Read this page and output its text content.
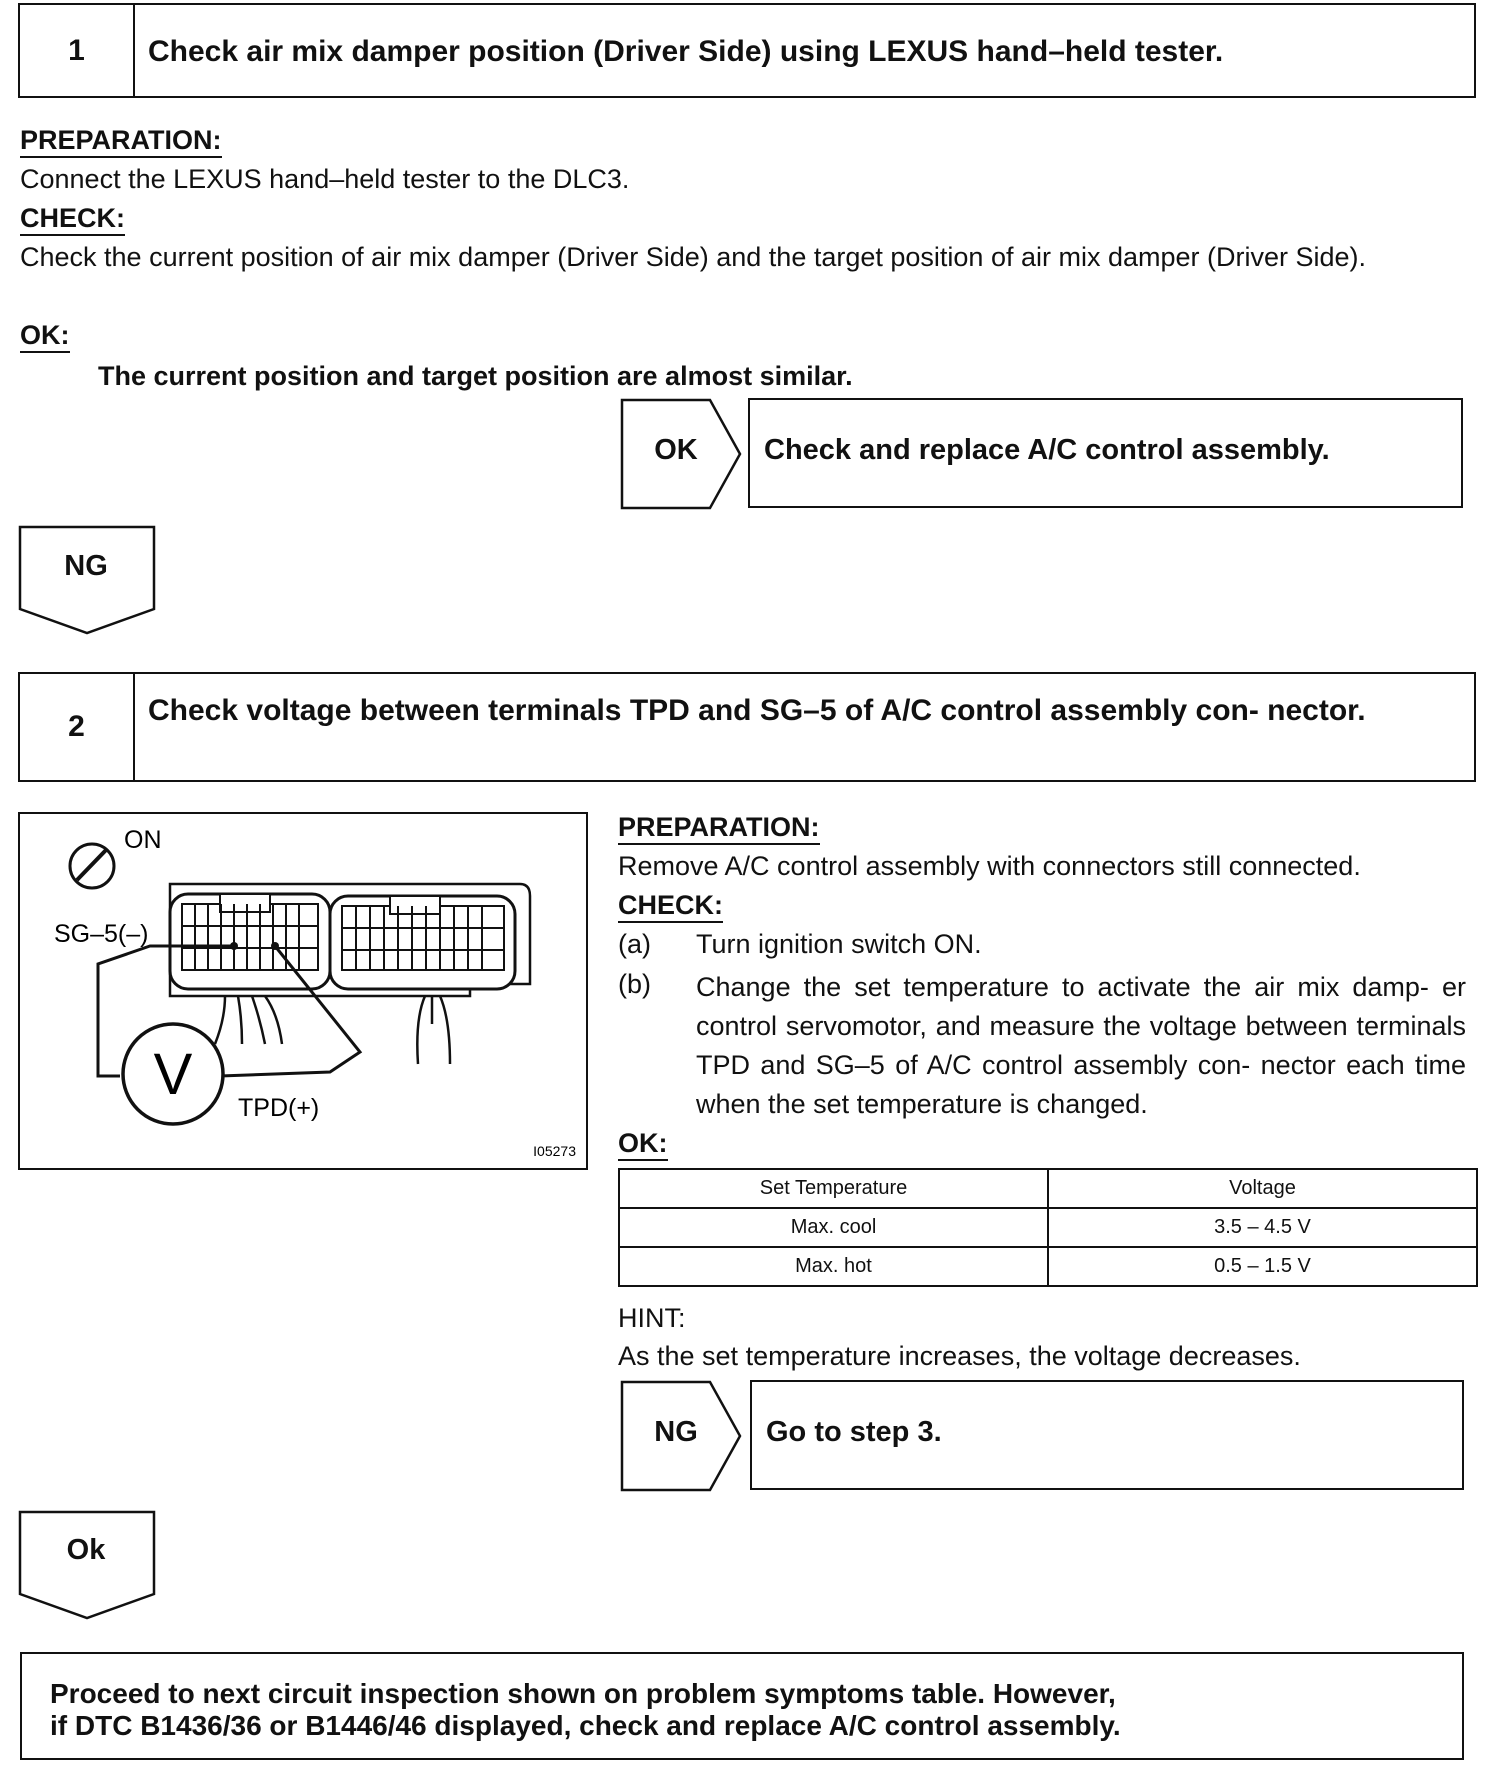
1	Check air mix damper position (Driver Side) using LEXUS hand–held tester.
PREPARATION:
Connect the LEXUS hand–held tester to the DLC3.
CHECK:
Check the current position of air mix damper (Driver Side) and the target position of air mix damper (Driver Side).
OK:
The current position and target position are almost similar.
OK	Check and replace A/C control assembly.
NG
2	Check voltage between terminals TPD and SG–5 of A/C control assembly con- nector.
ON
SG–5(–)
V
TPD(+)
I05273
PREPARATION:
Remove A/C control assembly with connectors still connected.
CHECK:
(a) Turn ignition switch ON.
(b) Change the set temperature to activate the air mix damp- er control servomotor, and measure the voltage between terminals TPD and SG–5 of A/C control assembly con- nector each time when the set temperature is changed.
OK:
Set Temperature	Voltage
Max. cool	3.5 – 4.5 V
Max. hot	0.5 – 1.5 V
HINT:
As the set temperature increases, the voltage decreases.
NG	Go to step 3.
Ok
Proceed to next circuit inspection shown on problem symptoms table. However,
if DTC B1436/36 or B1446/46 displayed, check and replace A/C control assembly.
